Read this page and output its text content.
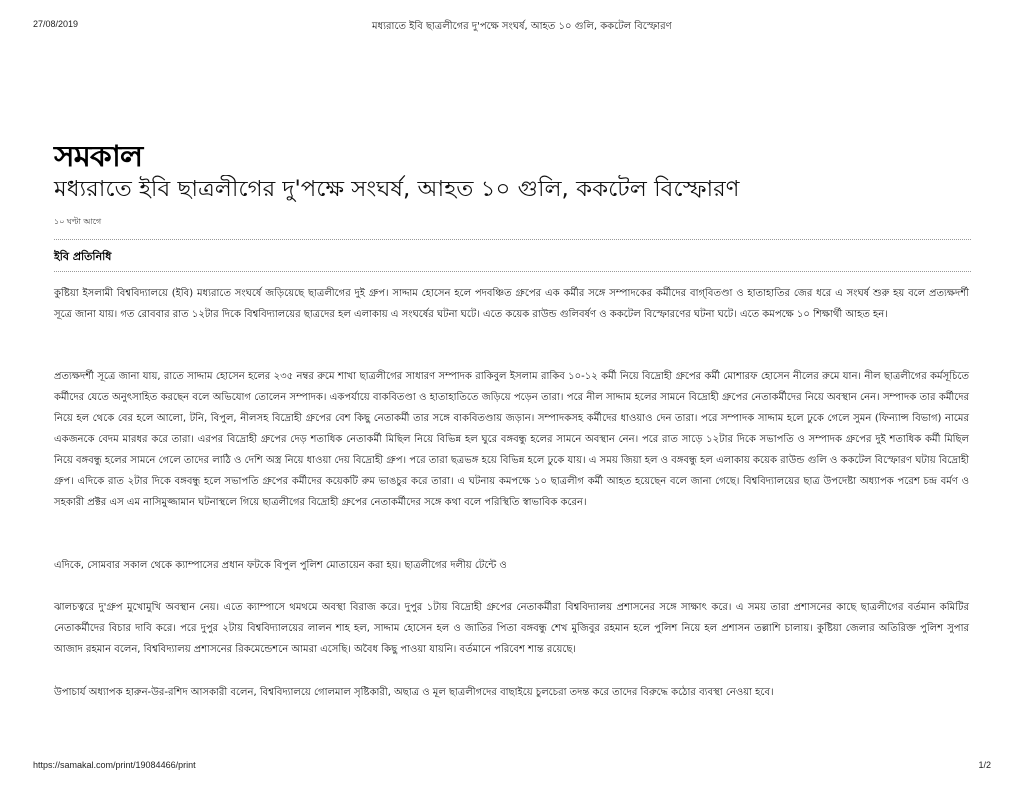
27/08/2019	মধ্যরাতে ইবি ছাত্রলীগের দু'পক্ষে সংঘর্ষ, আহত ১০ গুলি, ককটেল বিস্ফোরণ
সমকাল
মধ্যরাতে ইবি ছাত্রলীগের দু'পক্ষে সংঘর্ষ, আহত ১০ গুলি, ককটেল বিস্ফোরণ
১০ ঘণ্টা আগে
ইবি প্রতিনিধি

কুষ্টিয়া ইসলামী বিশ্ববিদ্যালয়ে (ইবি) মধ্যরাতে সংঘর্ষে জড়িয়েছে ছাত্রলীগের দুই গ্রুপ। সাদ্দাম হোসেন হলে পদবঞ্চিত গ্রুপের এক কর্মীর সঙ্গে সম্পাদকের কর্মীদের বাগ্‌বিতণ্ডা ও হাতাহাতির জের ধরে এ সংঘর্ষ শুরু হয় বলে প্রত্যক্ষদর্শী সূত্রে জানা যায়। গত রোববার রাত ১২টার দিকে বিশ্ববিদ্যালয়ের ছাত্রদের হল এলাকায় এ সংঘর্ষের ঘটনা ঘটে। এতে কয়েক রাউন্ড গুলিবর্ষণ ও ককটেল বিস্ফোরণের ঘটনা ঘটে। এতে কমপক্ষে ১০ শিক্ষার্থী আহত হন।

প্রত্যক্ষদর্শী সূত্রে জানা যায়, রাতে সাদ্দাম হোসেন হলের ২৩৫ নম্বর রুমে শাখা ছাত্রলীগের সাধারণ সম্পাদক রাকিবুল ইসলাম রাকিব ১০-১২ কর্মী নিয়ে বিদ্রোহী গ্রুপের কর্মী মোশারফ হোসেন নীলের রুমে যান। নীল ছাত্রলীগের কর্মসূচিতে কর্মীদের যেতে অনুৎসাহিত করছেন বলে অভিযোগ তোলেন সম্পাদক। একপর্যায়ে বাকবিতণ্ডা ও হাতাহাতিতে জড়িয়ে পড়েন তারা। পরে নীল সাদ্দাম হলের সামনে বিদ্রোহী গ্রুপের নেতাকর্মীদের নিয়ে অবস্থান নেন। সম্পাদক তার কর্মীদের নিয়ে হল থেকে বের হলে আলো, টনি, বিপুল, নীলসহ বিদ্রোহী গ্রুপের বেশ কিছু নেতাকর্মী তার সঙ্গে বাকবিতণ্ডায় জড়ান। সম্পাদকসহ কর্মীদের ধাওয়াও দেন তারা। পরে সম্পাদক সাদ্দাম হলে ঢুকে গেলে সুমন (ফিন্যান্স বিভাগ) নামের একজনকে বেদম মারধর করে তারা। এরপর বিদ্রোহী গ্রুপের দেড় শতাধিক নেতাকর্মী মিছিল নিয়ে বিভিন্ন হল ঘুরে বঙ্গবন্ধু হলের সামনে অবস্থান নেন। পরে রাত সাড়ে ১২টার দিকে সভাপতি ও সম্পাদক গ্রুপের দুই শতাধিক কর্মী মিছিল নিয়ে বঙ্গবন্ধু হলের সামনে গেলে তাদের লাঠি ও দেশি অস্ত্র নিয়ে ধাওয়া দেয় বিদ্রোহী গ্রুপ। পরে তারা ছত্রভঙ্গ হয়ে বিভিন্ন হলে ঢুকে যায়। এ সময় জিয়া হল ও বঙ্গবন্ধু হল এলাকায় কয়েক রাউন্ড গুলি ও ককটেল বিস্ফোরণ ঘটায় বিদ্রোহী গ্রুপ। এদিকে রাত ২টার দিকে বঙ্গবন্ধু হলে সভাপতি গ্রুপের কর্মীদের কয়েকটি রুম ভাঙচুর করে তারা। এ ঘটনায় কমপক্ষে ১০ ছাত্রলীগ কর্মী আহত হয়েছেন বলে জানা গেছে। বিশ্ববিদ্যালয়ের ছাত্র উপদেষ্টা অধ্যাপক পরেশ চন্দ্র বর্মণ ও সহকারী প্রক্টর এস এম নাসিমুজ্জামান ঘটনাস্থলে গিয়ে ছাত্রলীগের বিদ্রোহী গ্রুপের নেতাকর্মীদের সঙ্গে কথা বলে পরিস্থিতি স্বাভাবিক করেন।

এদিকে, সোমবার সকাল থেকে ক্যাম্পাসের প্রধান ফটকে বিপুল পুলিশ মোতায়েন করা হয়। ছাত্রলীগের দলীয় টেন্টে ও

ঝালচত্বরে দু'গ্রুপ মুখোমুখি অবস্থান নেয়। এতে ক্যাম্পাসে থমথমে অবস্থা বিরাজ করে। দুপুর ১টায় বিদ্রোহী গ্রুপের নেতাকর্মীরা বিশ্ববিদ্যালয় প্রশাসনের সঙ্গে সাক্ষাৎ করে। এ সময় তারা প্রশাসনের কাছে ছাত্রলীগের বর্তমান কমিটির নেতাকর্মীদের বিচার দাবি করে। পরে দুপুর ২টায় বিশ্ববিদ্যালয়ের লালন শাহ হল, সাদ্দাম হোসেন হল ও জাতির পিতা বঙ্গবন্ধু শেখ মুজিবুর রহমান হলে পুলিশ নিয়ে হল প্রশাসন তল্লাশি চালায়। কুষ্টিয়া জেলার অতিরিক্ত পুলিশ সুপার আজাদ রহমান বলেন, বিশ্ববিদ্যালয় প্রশাসনের রিকমেন্ডেশনে আমরা এসেছি। অবৈধ কিছু পাওয়া যায়নি। বর্তমানে পরিবেশ শান্ত রয়েছে।

উপাচার্য অধ্যাপক হারুন-উর-রশিদ আসকারী বলেন, বিশ্ববিদ্যালয়ে গোলমাল সৃষ্টিকারী, অছাত্র ও মূল ছাত্রলীগদের বাছাইয়ে চুলচেরা তদন্ত করে তাদের বিরুদ্ধে কঠোর ব্যবস্থা নেওয়া হবে।

https://samakal.com/print/19084466/print	1/2
